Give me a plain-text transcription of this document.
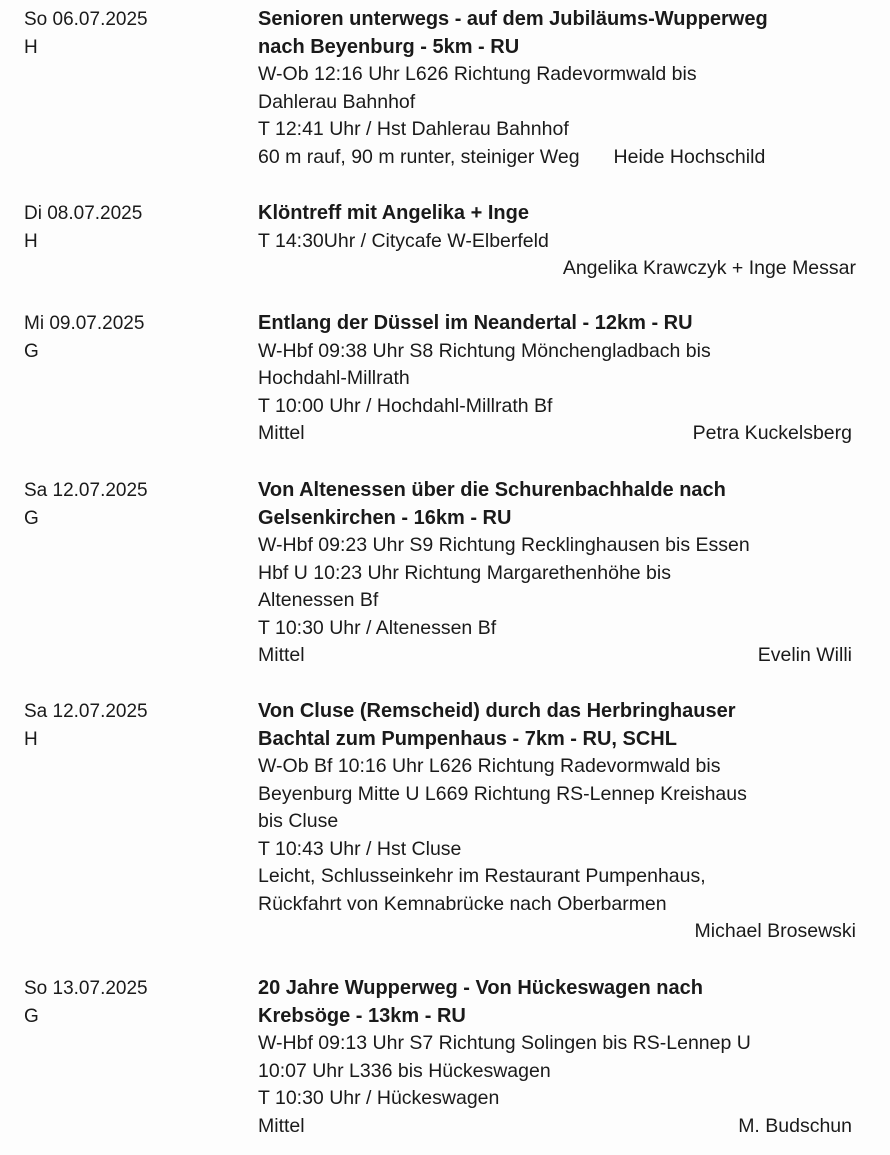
So 06.07.2025
H
Senioren unterwegs - auf dem Jubiläums-Wupperweg
nach Beyenburg - 5km - RU
W-Ob 12:16 Uhr L626 Richtung Radevormwald bis
Dahlerau Bahnhof
T 12:41 Uhr / Hst Dahlerau Bahnhof
60 m rauf, 90 m runter, steiniger Weg Heide Hochschild
Di 08.07.2025
H
Klöntreff mit Angelika + Inge
T 14:30Uhr / Citycafe W-Elberfeld
Angelika Krawczyk + Inge Messar
Mi 09.07.2025
G
Entlang der Düssel im Neandertal - 12km - RU
W-Hbf 09:38 Uhr S8 Richtung Mönchengladbach bis
Hochdahl-Millrath
T 10:00 Uhr / Hochdahl-Millrath Bf
Mittel	Petra Kuckelsberg
Sa 12.07.2025
G
Von Altenessen über die Schurenbachhalde nach
Gelsenkirchen - 16km - RU
W-Hbf 09:23 Uhr S9 Richtung Recklinghausen bis Essen
Hbf U 10:23 Uhr Richtung Margarethenhöhe bis
Altenessen Bf
T 10:30 Uhr / Altenessen Bf
Mittel	Evelin Willi
Sa 12.07.2025
H
Von Cluse (Remscheid) durch das Herbringhauser
Bachtal zum Pumpenhaus - 7km - RU, SCHL
W-Ob Bf 10:16 Uhr L626 Richtung Radevormwald bis
Beyenburg Mitte U L669 Richtung RS-Lennep Kreishaus
bis Cluse
T 10:43 Uhr / Hst Cluse
Leicht, Schlusseinkehr im Restaurant Pumpenhaus,
Rückfahrt von Kemnabrücke nach Oberbarmen
Michael Brosewski
So 13.07.2025
G
20 Jahre Wupperweg - Von Hückeswagen nach
Krebsöge - 13km - RU
W-Hbf 09:13 Uhr S7 Richtung Solingen bis RS-Lennep U
10:07 Uhr L336 bis Hückeswagen
T 10:30 Uhr / Hückeswagen
Mittel	M. Budschun
